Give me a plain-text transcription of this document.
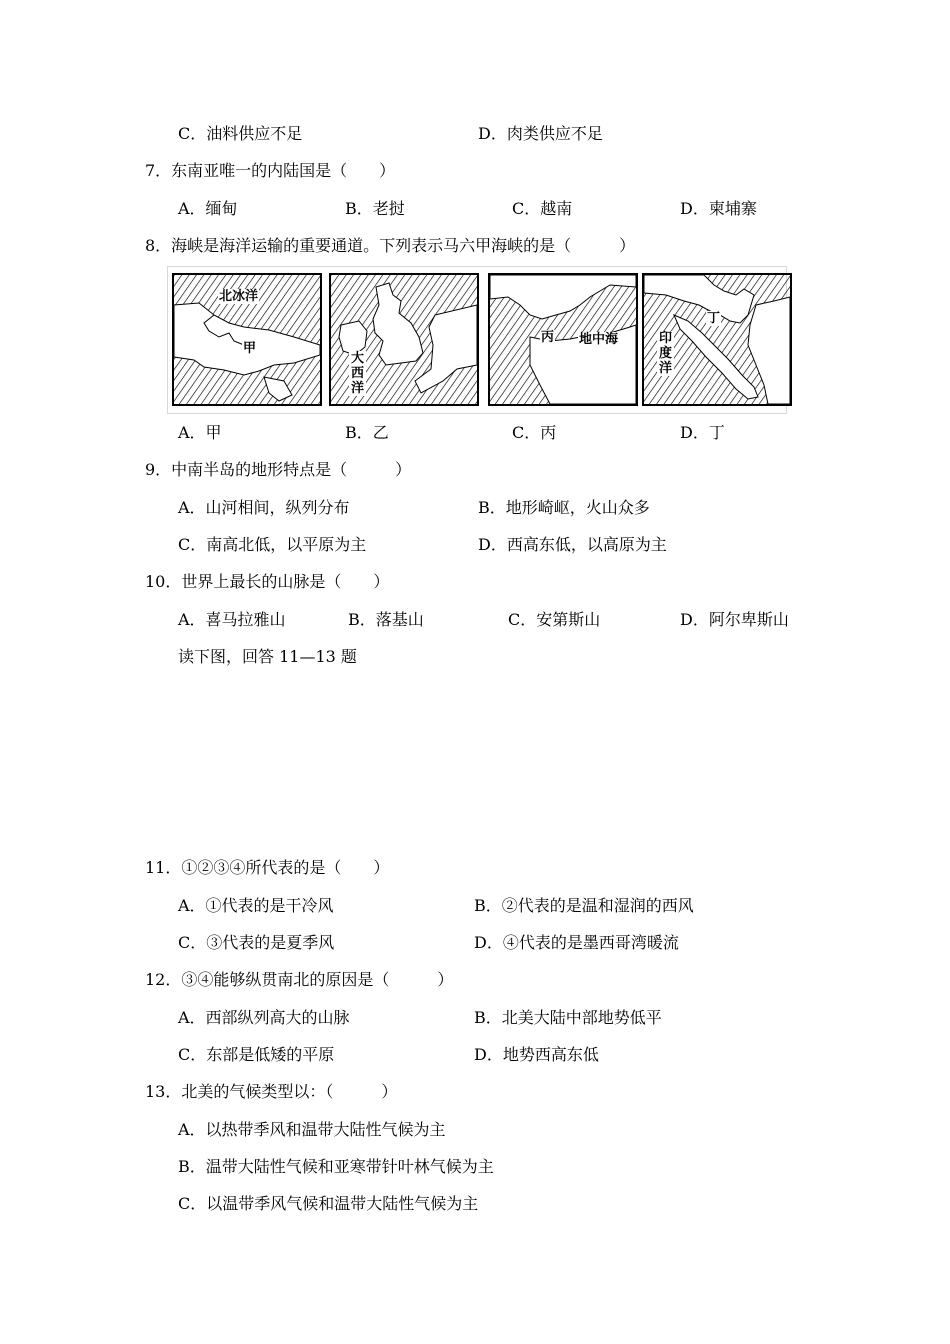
C．油料供应不足	D．肉类供应不足
7．东南亚唯一的内陆国是（　　）
A．缅甸	B．老挝	C．越南	D．柬埔寨
8．海峡是海洋运输的重要通道。下列表示马六甲海峡的是（　　　）
北冰洋
甲
大西洋
丙 地中海	印度洋
丁
A．甲	B．乙	C．丙	D．丁
9．中南半岛的地形特点是（　　　）
A．山河相间，纵列分布	B．地形崎岖，火山众多
C．南高北低，以平原为主	D．西高东低，以高原为主
10．世界上最长的山脉是（　　）
A．喜马拉雅山	B．落基山	C．安第斯山	D．阿尔卑斯山
读下图，回答 11—13 题
11．①②③④所代表的是（　　）
A．①代表的是干冷风	B．②代表的是温和湿润的西风
C．③代表的是夏季风	D．④代表的是墨西哥湾暖流
12．③④能够纵贯南北的原因是（　　　）
A．西部纵列高大的山脉	B．北美大陆中部地势低平
C．东部是低矮的平原	D．地势西高东低
13．北美的气候类型以：（　　　）
A．以热带季风和温带大陆性气候为主
B．温带大陆性气候和亚寒带针叶林气候为主
C．以温带季风气候和温带大陆性气候为主
